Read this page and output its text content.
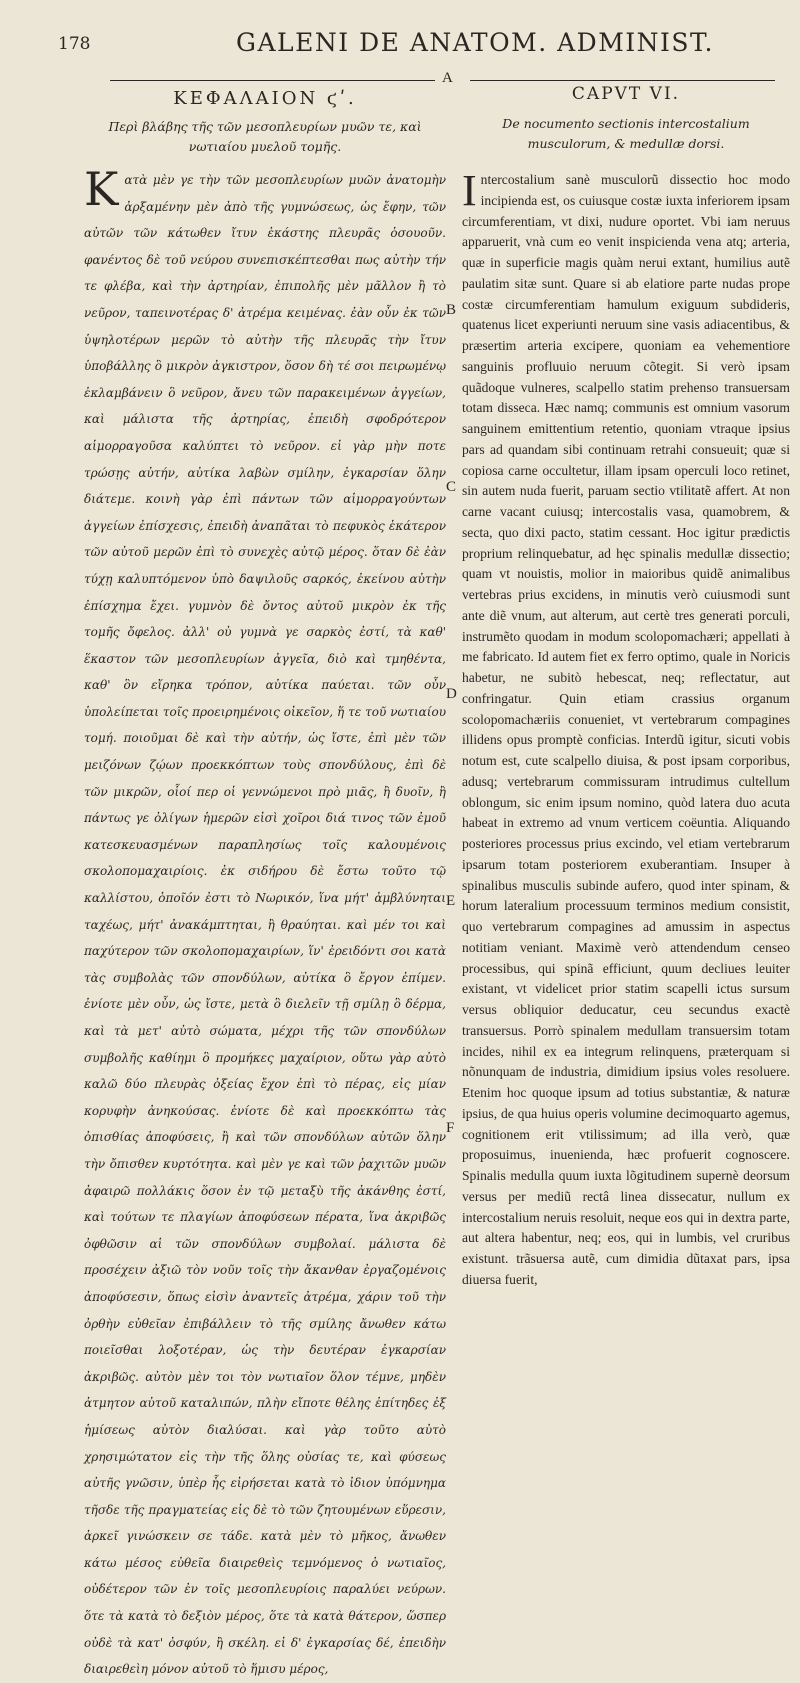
178	GALENI DE ANATOM. ADMINIST.
A
B
C
D
E
F
ΚΕΦΑΛΑΙΟΝ ϛʹ.
Περὶ βλάβης τῆς τῶν μεσοπλευρίων μυῶν τε, καὶ νωτιαίου μυελοῦ τομῆς.

Κατὰ μὲν γε τὴν τῶν μεσοπλευρίων μυῶν ἀνατομὴν ἀρξαμένην μὲν ἀπὸ τῆς γυμνώσεως, ὡς ἔφην, τῶν αὐτῶν τῶν κάτωθεν ἴτυν ἑκάστης πλευρᾶς ὁσουοῦν. φανέντος δὲ τοῦ νεύρου συνεπισκέπτεσθαι πως αὐτὴν τήν τε φλέβα, καὶ τὴν ἀρτηρίαν, ἐπιπολῆς μὲν μᾶλλον ἢ τὸ νεῦρον, ταπεινοτέρας δ' ἀτρέμα κειμένας. ἐὰν οὖν ἐκ τῶν ὑψηλοτέρων μερῶν τὸ αὐτὴν τῆς πλευρᾶς τὴν ἴτυν ὑποβάλλης ὃ μικρὸν ἀγκιστρον, ὅσον δὴ τέ σοι πειρωμένῳ ἐκλαμβάνειν ὃ νεῦρον, ἄνευ τῶν παρακειμένων ἀγγείων, καὶ μάλιστα τῆς ἀρτηρίας, ἐπειδὴ σφοδρότερον αἱμορραγοῦσα καλύπτει τὸ νεῦρον. εἰ γὰρ μὴν ποτε τρώσῃς αὐτήν, αὐτίκα λαβὼν σμίλην, ἐγκαρσίαν ὅλην διάτεμε. κοινὴ γὰρ ἐπὶ πάντων τῶν αἱμορραγούντων ἀγγείων ἐπίσχεσις, ἐπειδὴ ἀναπᾶται τὸ πεφυκὸς ἑκάτερον τῶν αὐτοῦ μερῶν ἐπὶ τὸ συνεχὲς αὐτῷ μέρος. ὅταν δὲ ἐὰν τύχῃ καλυπτόμενον ὑπὸ δαψιλοῦς σαρκός, ἐκείνου αὐτὴν ἐπίσχημα ἔχει. γυμνὸν δὲ ὄντος αὐτοῦ μικρὸν ἐκ τῆς τομῆς ὄφελος. ἀλλ' οὐ γυμνὰ γε σαρκὸς ἐστί, τὰ καθ' ἕκαστον τῶν μεσοπλευρίων ἀγγεῖα, διὸ καὶ τμηθέντα, καθ' ὃν εἴρηκα τρόπον, αὐτίκα παύεται. τῶν οὖν ὑπολείπεται τοῖς προειρημένοις οἰκεῖον, ἥ τε τοῦ νωτιαίου τομή. ποιοῦμαι δὲ καὶ τὴν αὐτήν, ὡς ἴστε, ἐπὶ μὲν τῶν μειζόνων ζῴων προεκκόπτων τοὺς σπονδύλους, ἐπὶ δὲ τῶν μικρῶν, οἷοί περ οἱ γεννώμενοι πρὸ μιᾶς, ἢ δυοῖν, ἢ πάντως γε ὀλίγων ἡμερῶν εἰσὶ χοῖροι διά τινος τῶν ἐμοῦ κατεσκευασμένων παραπλησίως τοῖς καλουμένοις σκολοπομαχαιρίοις. ἐκ σιδήρου δὲ ἔστω τοῦτο τῷ καλλίστου, ὁποῖόν ἐστι τὸ Νωρικόν, ἵνα μήτ' ἀμβλύνηται ταχέως, μήτ' ἀνακάμπτηται, ἢ θραύηται. καὶ μέν τοι καὶ παχύτερον τῶν σκολοπομαχαιρίων, ἵν' ἐρειδόντι σοι κατὰ τὰς συμβολὰς τῶν σπονδύλων, αὐτίκα ὃ ἔργον ἐπίμεν. ἐνίοτε μὲν οὖν, ὡς ἴστε, μετὰ ὃ διελεῖν τῇ σμίλῃ ὃ δέρμα, καὶ τὰ μετ' αὐτὸ σώματα, μέχρι τῆς τῶν σπονδύλων συμβολῆς καθίημι ὃ προμήκες μαχαίριον, οὕτω γὰρ αὐτὸ καλῶ δύο πλευρὰς ὀξείας ἔχον ἐπὶ τὸ πέρας, εἰς μίαν κορυφὴν ἀνηκούσας. ἐνίοτε δὲ καὶ προεκκόπτω τὰς ὀπισθίας ἀποφύσεις, ἢ καὶ τῶν σπονδύλων αὐτῶν ὅλην τὴν ὄπισθεν κυρτότητα. καὶ μὲν γε καὶ τῶν ῥαχιτῶν μυῶν ἀφαιρῶ πολλάκις ὅσον ἐν τῷ μεταξὺ τῆς ἀκάνθης ἐστί, καὶ τούτων τε πλαγίων ἀποφύσεων πέρατα, ἵνα ἀκριβῶς ὀφθῶσιν αἱ τῶν σπονδύλων συμβολαί. μάλιστα δὲ προσέχειν ἀξιῶ τὸν νοῦν τοῖς τὴν ἄκανθαν ἐργαζομένοις ἀποφύσεσιν, ὅπως εἰσὶν ἀναντεῖς ἀτρέμα, χάριν τοῦ τὴν ὀρθὴν εὐθεῖαν ἐπιβάλλειν τὸ τῆς σμίλης ἄνωθεν κάτω ποιεῖσθαι λοξοτέραν, ὡς τὴν δευτέραν ἐγκαρσίαν ἀκριβῶς. αὐτὸν μὲν τοι τὸν νωτιαῖον ὅλον τέμνε, μηδὲν ἀτμητον αὐτοῦ καταλιπών, πλὴν εἴποτε θέλης ἐπίτηδες ἐξ ἡμίσεως αὐτὸν διαλύσαι. καὶ γὰρ τοῦτο αὐτὸ χρησιμώτατον εἰς τὴν τῆς ὅλης οὐσίας τε, καὶ φύσεως αὐτῆς γνῶσιν, ὑπὲρ ἧς εἰρήσεται κατὰ τὸ ἰδιον ὑπόμνημα τῆσδε τῆς πραγματείας εἰς δὲ τὸ τῶν ζητουμένων εὕρεσιν, ἀρκεῖ γινώσκειν σε τάδε. κατὰ μὲν τὸ μῆκος, ἄνωθεν κάτω μέσος εὐθεῖα διαιρεθεὶς τεμνόμενος ὁ νωτιαῖος, οὐδέτερον τῶν ἐν τοῖς μεσοπλευρίοις παραλύει νεύρων. ὅτε τὰ κατὰ τὸ δεξιὸν μέρος, ὅτε τὰ κατὰ θάτερον, ὥσπερ οὐδὲ τὰ κατ' ὀσφύν, ἢ σκέλη. εἰ δ' ἐγκαρσίας δέ, ἐπειδὴν διαιρεθεὶη μόνον αὐτοῦ τὸ ἥμισυ μέρος,

CAPVT VI.
De nocumento sectionis intercostalium musculorum, & medullæ dorsi.

Intercostalium sanè musculorũ dissectio hoc modo incipienda est, os cuiusque costæ iuxta inferiorem ipsam circumferentiam, vt dixi, nudure oportet. Vbi iam neruus apparuerit, vnà cum eo venit inspicienda vena atq; arteria, quæ in superficie magis quàm nerui extant, humilius autẽ paulatim sitæ sunt. Quare si ab elatiore parte nudas prope costæ circumferentiam hamulum exiguum subdideris, quatenus licet experiunti neruum sine vasis adiacentibus, & præsertim arteria excipere, quoniam ea vehementiore sanguinis profluuio neruum cõtegit. Si verò ipsam quãdoque vulneres, scalpello statim prehenso transuersam totam disseca. Hæc namq; communis est omnium vasorum sanguinem emittentium retentio, quoniam vtraque ipsius pars ad quandam sibi continuam retrahi consueuit; quæ si copiosa carne occultetur, illam ipsam operculi loco retinet, sin autem nuda fuerit, paruam sectio vtilitatẽ affert. At non carne vacant cuiusq; intercostalis vasa, quamobrem, & secta, quo dixi pacto, statim cessant. Hoc igitur prædictis proprium relinquebatur, ad hęc spinalis medullæ dissectio; quam vt nouistis, molior in maioribus quidẽ animalibus vertebras prius excidens, in minutis verò cuiusmodi sunt ante diẽ vnum, aut alterum, aut certè tres generati porculi, instrumẽto quodam in modum scolopomachæri; appellati à me fabricato. Id autem fiet ex ferro optimo, quale in Noricis habetur, ne subitò hebescat, neq; reflectatur, aut confringatur. Quin etiam crassius organum scolopomachæriis conueniet, vt vertebrarum compagines illidens opus promptè conficias. Interdũ igitur, sicuti vobis notum est, cute scalpello diuisa, & post ipsam corporibus, adusq; vertebrarum commissuram intrudimus cultellum oblongum, sic enim ipsum nomino, quòd latera duo acuta habeat in extremo ad vnum verticem coëuntia. Aliquando posteriores processus prius excindo, vel etiam vertebrarum ipsarum totam posteriorem exuberantiam. Insuper à spinalibus musculis subinde aufero, quod inter spinam, & horum lateralium processuum terminos medium consistit, quo vertebrarum compagines ad amussim in aspectus notitiam veniant. Maximè verò attendendum censeo processibus, qui spinã efficiunt, quum decliues leuiter existant, vt videlicet prior statim scapelli ictus sursum versus obliquior deducatur, ceu secundus exactè transuersus. Porrò spinalem medullam transuersim totam incides, nihil ex ea integrum relinquens, præterquam si nõnunquam de industria, dimidium ipsius voles resoluere. Etenim hoc quoque ipsum ad totius substantiæ, & naturæ ipsius, de qua huius operis volumine decimoquarto agemus, cognitionem erit vtilissimum; ad illa verò, quæ proposuimus, inuenienda, hæc profuerit cognoscere. Spinalis medulla quum iuxta lõgitudinem supernè deorsum versus per mediũ rectâ linea dissecatur, nullum ex intercostalium neruis resoluit, neque eos qui in dextra parte, aut altera habentur, neq; eos, qui in lumbis, vel cruribus existunt. trãsuersa autẽ, cum dimidia dũtaxat pars, ipsa diuersa fuerit,
